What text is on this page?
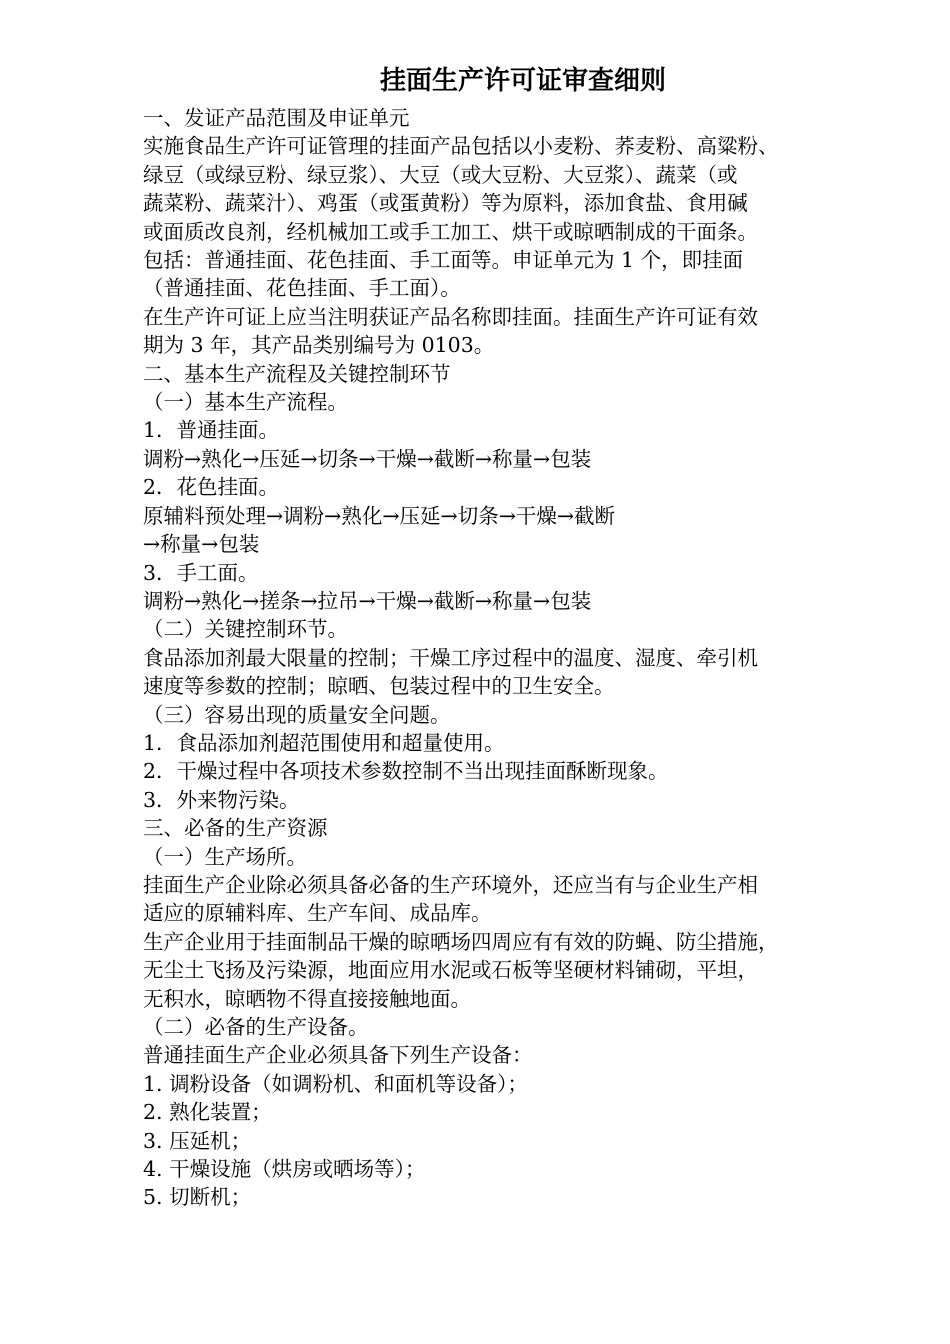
挂面生产许可证审查细则
一、发证产品范围及申证单元
实施食品生产许可证管理的挂面产品包括以小麦粉、荞麦粉、高粱粉、
绿豆（或绿豆粉、绿豆浆）、大豆（或大豆粉、大豆浆）、蔬菜（或
蔬菜粉、蔬菜汁）、鸡蛋（或蛋黄粉）等为原料，添加食盐、食用碱
或面质改良剂，经机械加工或手工加工、烘干或晾晒制成的干面条。
包括：普通挂面、花色挂面、手工面等。申证单元为 1 个，即挂面
（普通挂面、花色挂面、手工面）。
在生产许可证上应当注明获证产品名称即挂面。挂面生产许可证有效
期为 3 年，其产品类别编号为 0103。
二、基本生产流程及关键控制环节
（一）基本生产流程。
1．普通挂面。
调粉→熟化→压延→切条→干燥→截断→称量→包装
2．花色挂面。
原辅料预处理→调粉→熟化→压延→切条→干燥→截断
→称量→包装
3．手工面。
调粉→熟化→搓条→拉吊→干燥→截断→称量→包装
（二）关键控制环节。
食品添加剂最大限量的控制；干燥工序过程中的温度、湿度、牵引机
速度等参数的控制；晾晒、包装过程中的卫生安全。
（三）容易出现的质量安全问题。
1．食品添加剂超范围使用和超量使用。
2．干燥过程中各项技术参数控制不当出现挂面酥断现象。
3．外来物污染。
三、必备的生产资源
（一）生产场所。
挂面生产企业除必须具备必备的生产环境外，还应当有与企业生产相
适应的原辅料库、生产车间、成品库。
生产企业用于挂面制品干燥的晾晒场四周应有有效的防蝇、防尘措施，
无尘土飞扬及污染源，地面应用水泥或石板等坚硬材料铺砌，平坦，
无积水，晾晒物不得直接接触地面。
（二）必备的生产设备。
普通挂面生产企业必须具备下列生产设备：
1. 调粉设备（如调粉机、和面机等设备）；
2. 熟化装置；
3. 压延机；
4. 干燥设施（烘房或晒场等）；
5. 切断机；
